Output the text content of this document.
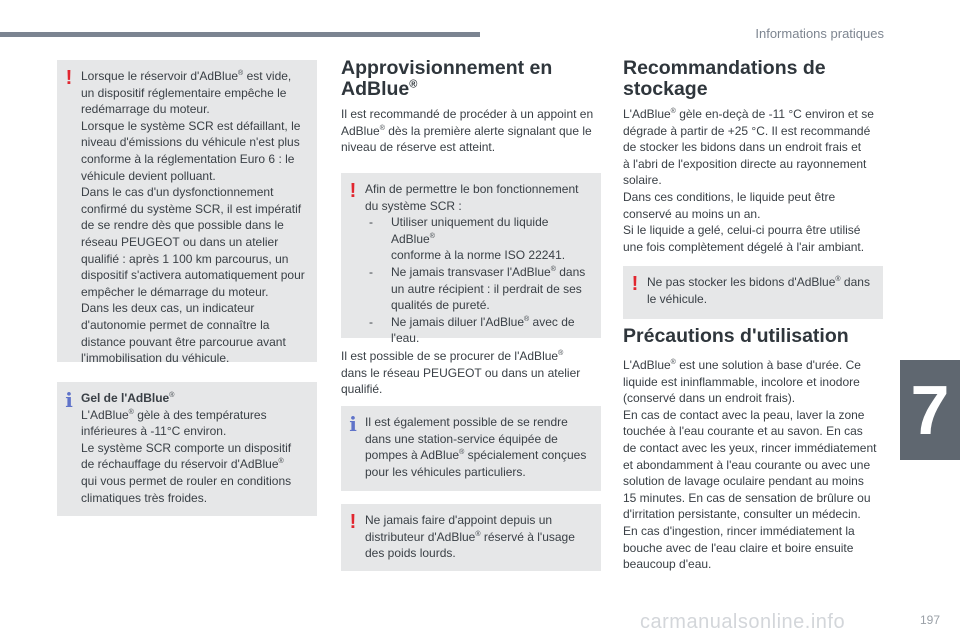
Informations pratiques
7
197
carmanualsonline.info
! Lorsque le réservoir d'AdBlue® est vide,
un dispositif réglementaire empêche le
redémarrage du moteur.
Lorsque le système SCR est défaillant, le
niveau d'émissions du véhicule n'est plus
conforme à la réglementation Euro 6 : le
véhicule devient polluant.
Dans le cas d'un dysfonctionnement
confirmé du système SCR, il est impératif
de se rendre dès que possible dans le
réseau PEUGEOT ou dans un atelier
qualifié : après 1 100 km parcourus, un
dispositif s'activera automatiquement pour
empêcher le démarrage du moteur.
Dans les deux cas, un indicateur
d'autonomie permet de connaître la
distance pouvant être parcourue avant
l'immobilisation du véhicule.

i Gel de l'AdBlue®
L'AdBlue® gèle à des températures
inférieures à -11°C environ.
Le système SCR comporte un dispositif
de réchauffage du réservoir d'AdBlue®
qui vous permet de rouler en conditions
climatiques très froides.

Approvisionnement en
AdBlue®
Il est recommandé de procéder à un appoint en
AdBlue® dès la première alerte signalant que le
niveau de réserve est atteint.
! Afin de permettre le bon fonctionnement
du système SCR :

- Utiliser uniquement du liquide AdBlue®
conforme à la norme ISO 22241.
- Ne jamais transvaser l'AdBlue® dans
un autre récipient : il perdrait de ses
qualités de pureté.
- Ne jamais diluer l'AdBlue® avec de
l'eau.
Il est possible de se procurer de l'AdBlue®
dans le réseau PEUGEOT ou dans un atelier
qualifié.
i Il est également possible de se rendre
dans une station-service équipée de
pompes à AdBlue® spécialement conçues
pour les véhicules particuliers.

! Ne jamais faire d'appoint depuis un
distributeur d'AdBlue® réservé à l'usage
des poids lourds.

Recommandations de
stockage
L'AdBlue® gèle en-deçà de -11 °C environ et se
dégrade à partir de +25 °C. Il est recommandé
de stocker les bidons dans un endroit frais et
à l'abri de l'exposition directe au rayonnement
solaire.
Dans ces conditions, le liquide peut être
conservé au moins un an.
Si le liquide a gelé, celui-ci pourra être utilisé
une fois complètement dégelé à l'air ambiant.
! Ne pas stocker les bidons d'AdBlue® dans
le véhicule.

Précautions d'utilisation
L'AdBlue® est une solution à base d'urée. Ce
liquide est ininflammable, incolore et inodore
(conservé dans un endroit frais).
En cas de contact avec la peau, laver la zone
touchée à l'eau courante et au savon. En cas
de contact avec les yeux, rincer immédiatement
et abondamment à l'eau courante ou avec une
solution de lavage oculaire pendant au moins
15 minutes. En cas de sensation de brûlure ou
d'irritation persistante, consulter un médecin.
En cas d'ingestion, rincer immédiatement la
bouche avec de l'eau claire et boire ensuite
beaucoup d'eau.
